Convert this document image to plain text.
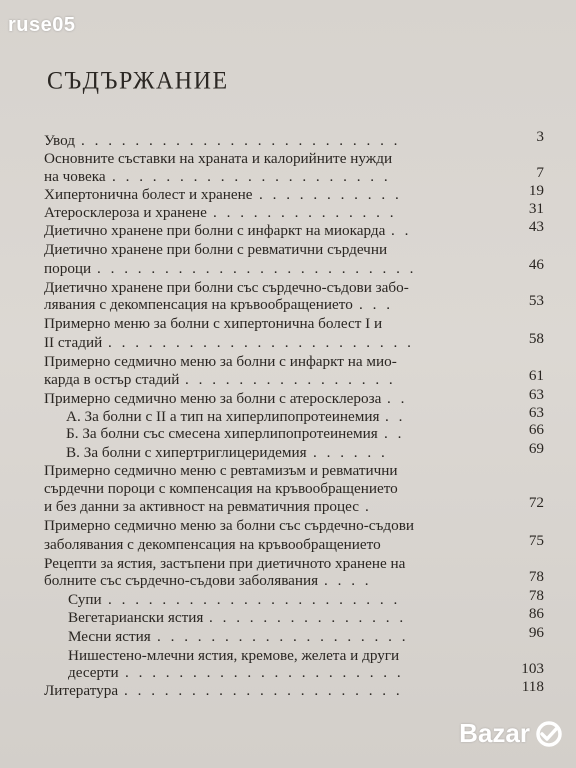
ruse05
СЪДЪРЖАНИЕ
Увод . . . . . . . . . . . . . . . . . . . . . . . .	3
Основните съставки на храната и калорийните нужди
на човека . . . . . . . . . . . . . . . . . . . . .	7
Хипертонична болест и хранене . . . . . . . . . . .	19
Атеросклероза и хранене . . . . . . . . . . . . . .	31
Диетично хранене при болни с инфаркт на миокарда . .	43
Диетично хранене при болни с ревматични сърдечни
пороци . . . . . . . . . . . . . . . . . . . . . . . .	46
Диетично хранене при болни със сърдечно-съдови забо-
лявания с декомпенсация на кръвообращението . . .	53
Примерно меню за болни с хипертонична болест I и
II стадий . . . . . . . . . . . . . . . . . . . . . . .	58
Примерно седмично меню за болни с инфаркт на мио-
карда в остър стадий . . . . . . . . . . . . . . . .	61
Примерно седмично меню за болни с атеросклероза . .	63
А. За болни с II а тип на хиперлипопротеинемия . .	63
Б. За болни със смесена хиперлипопротеинемия . .	66
В. За болни с хипертриглицеридемия . . . . . .	69
Примерно седмично меню с ревтамизъм и ревматични
сърдечни пороци с компенсация на кръвообращението
и без данни за активност на ревматичния процес .	72
Примерно седмично меню за болни със сърдечно-съдови
заболявания с декомпенсация на кръвообращението	75
Рецепти за ястия, застъпени при диетичното хранене на
болните със сърдечно-съдови заболявания . . . .	78
Супи . . . . . . . . . . . . . . . . . . . . . .	78
Вегетариански ястия . . . . . . . . . . . . . . .	86
Месни ястия . . . . . . . . . . . . . . . . . . .	96
Нишестено-млечни ястия, кремове, желета и други
десерти . . . . . . . . . . . . . . . . . . . . .	103
Литература . . . . . . . . . . . . . . . . . . . . .	118
Bazar
